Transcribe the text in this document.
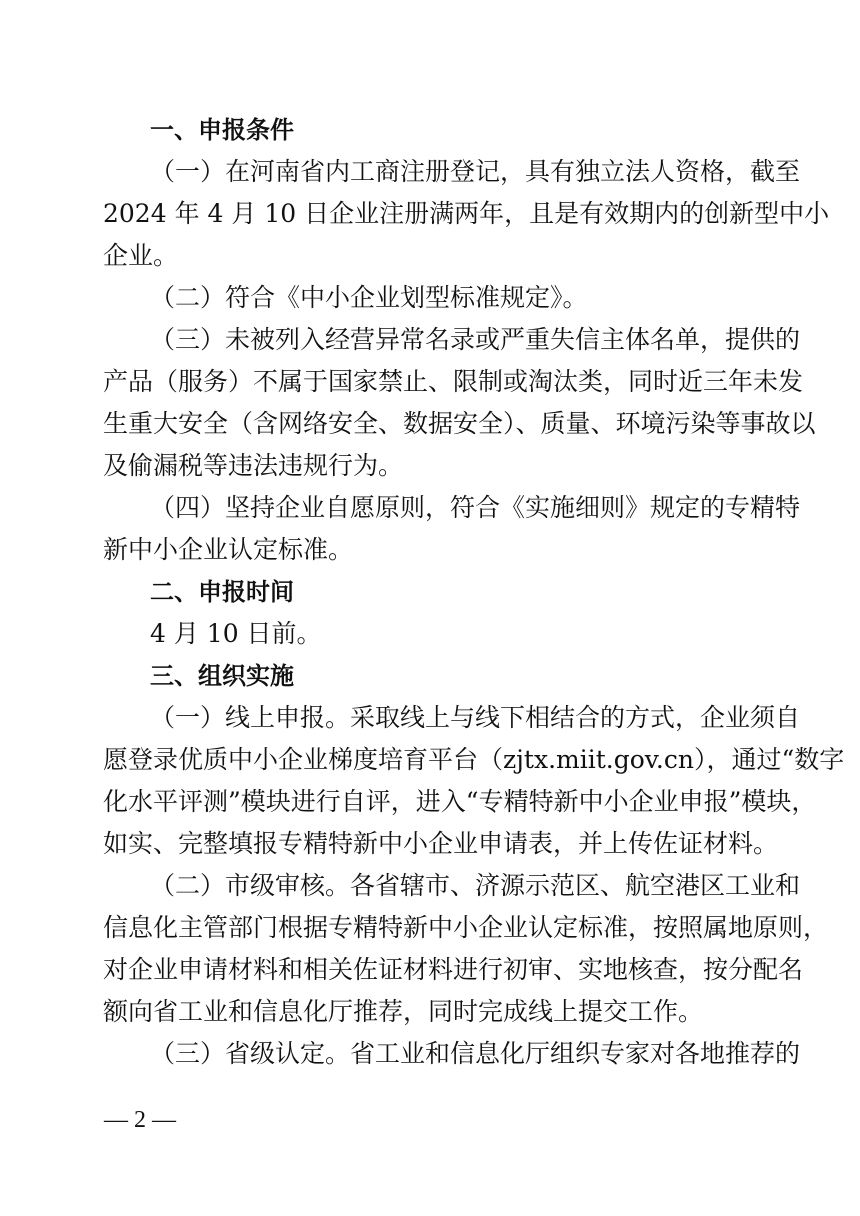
一、申报条件
（一）在河南省内工商注册登记，具有独立法人资格，截至
2024 年 4 月 10 日企业注册满两年，且是有效期内的创新型中小
企业。
（二）符合《中小企业划型标准规定》。
（三）未被列入经营异常名录或严重失信主体名单，提供的
产品（服务）不属于国家禁止、限制或淘汰类，同时近三年未发
生重大安全（含网络安全、数据安全）、质量、环境污染等事故以
及偷漏税等违法违规行为。
（四）坚持企业自愿原则，符合《实施细则》规定的专精特
新中小企业认定标准。
二、申报时间
4 月 10 日前。
三、组织实施
（一）线上申报。采取线上与线下相结合的方式，企业须自
愿登录优质中小企业梯度培育平台（zjtx.miit.gov.cn），通过“数字
化水平评测”模块进行自评，进入“专精特新中小企业申报”模块，
如实、完整填报专精特新中小企业申请表，并上传佐证材料。
（二）市级审核。各省辖市、济源示范区、航空港区工业和
信息化主管部门根据专精特新中小企业认定标准，按照属地原则，
对企业申请材料和相关佐证材料进行初审、实地核查，按分配名
额向省工业和信息化厅推荐，同时完成线上提交工作。
（三）省级认定。省工业和信息化厅组织专家对各地推荐的
— 2 —
